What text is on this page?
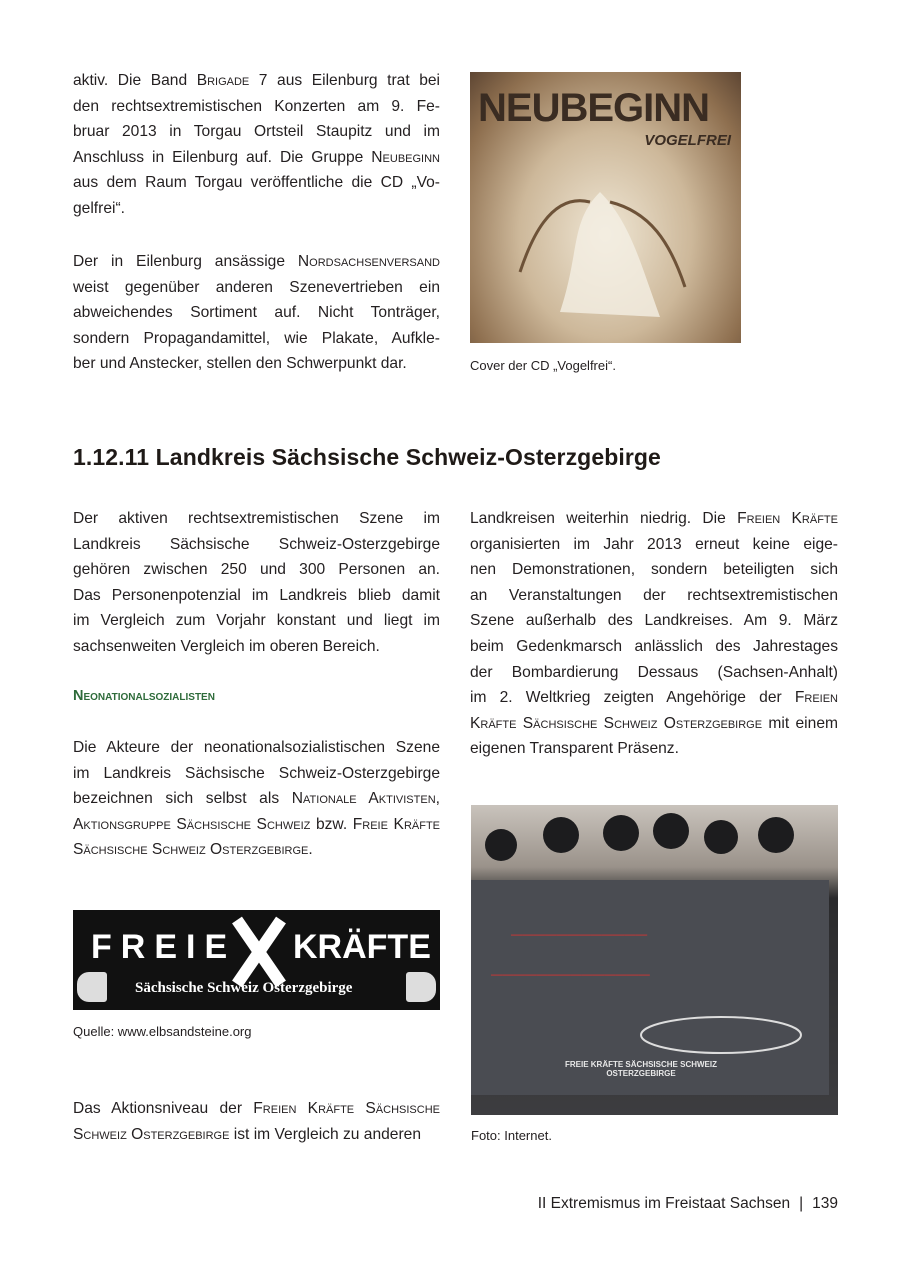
aktiv. Die Band Brigade 7 aus Eilenburg trat bei
den rechtsextremistischen Konzerten am 9. Fe-
bruar 2013 in Torgau Ortsteil Staupitz und im
Anschluss in Eilenburg auf. Die Gruppe Neubeginn
aus dem Raum Torgau veröffentliche die CD „Vo-
gelfrei“.
Der in Eilenburg ansässige Nordsachsenversand
weist gegenüber anderen Szenevertrieben ein
abweichendes Sortiment auf. Nicht Tonträger,
sondern Propagandamittel, wie Plakate, Aufkle-
ber und Anstecker, stellen den Schwerpunkt dar.
NEUBEGINN
VOGELFREI
Cover der CD „Vogelfrei“.
1.12.11 Landkreis Sächsische Schweiz-Osterzgebirge
Der aktiven rechtsextremistischen Szene im
Landkreis Sächsische Schweiz-Osterzgebirge
gehören zwischen 250 und 300 Personen an.
Das Personenpotenzial im Landkreis blieb damit
im Vergleich zum Vorjahr konstant und liegt im
sachsenweiten Vergleich im oberen Bereich.
Neonationalsozialisten
Die Akteure der neonationalsozialistischen Szene
im Landkreis Sächsische Schweiz-Osterzgebirge
bezeichnen sich selbst als Nationale Aktivisten,
Aktionsgruppe Sächsische Schweiz bzw. Freie Kräfte
Sächsische Schweiz Osterzgebirge.
FREIE KRÄFTE
Sächsische Schweiz Osterzgebirge
Quelle: www.elbsandsteine.org
Das Aktionsniveau der Freien Kräfte Sächsische
Schweiz Osterzgebirge ist im Vergleich zu anderen
Landkreisen weiterhin niedrig. Die Freien Kräfte
organisierten im Jahr 2013 erneut keine eige-
nen Demonstrationen, sondern beteiligten sich
an Veranstaltungen der rechtsextremistischen
Szene außerhalb des Landkreises. Am 9. März
beim Gedenkmarsch anlässlich des Jahrestages
der Bombardierung Dessaus (Sachsen-Anhalt)
im 2. Weltkrieg zeigten Angehörige der Freien
Kräfte Sächsische Schweiz Osterzgebirge mit einem
eigenen Transparent Präsenz.
────────────
──────────────
FREIE KRÄFTE SÄCHSISCHE SCHWEIZ OSTERZGEBIRGE
Foto: Internet.
II Extremismus im Freistaat Sachsen | 139
